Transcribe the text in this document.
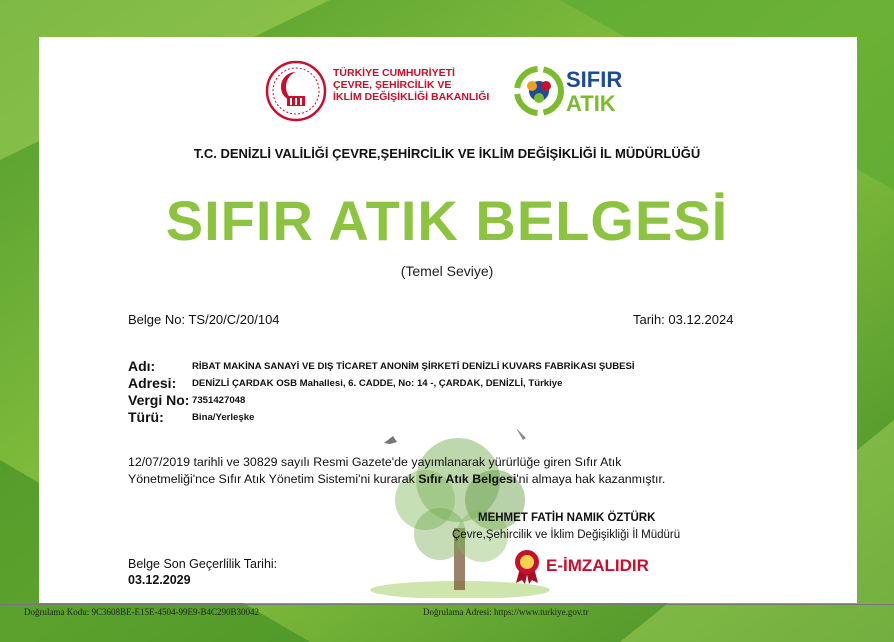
TÜRKİYE CUMHURİYETİ
ÇEVRE, ŞEHİRCİLİK VE
İKLİM DEĞİŞİKLİĞİ BAKANLIĞI
SIFIR
ATIK
T.C. DENİZLİ VALİLİĞİ ÇEVRE,ŞEHİRCİLİK VE İKLİM DEĞİŞİKLİĞİ İL MÜDÜRLÜĞÜ
SIFIR ATIK BELGESİ
(Temel Seviye)
Belge No: TS/20/C/20/104	Tarih: 03.12.2024
Adı:	RİBAT MAKİNA SANAYİ VE DIŞ TİCARET ANONİM ŞİRKETİ DENİZLİ KUVARS FABRİKASI ŞUBESİ
Adresi: DENİZLİ ÇARDAK OSB Mahallesi, 6. CADDE, No: 14 -, ÇARDAK, DENİZLİ, Türkiye
Vergi No: 7351427048
Türü:	Bina/Yerleşke
12/07/2019 tarihli ve 30829 sayılı Resmi Gazete'de yayımlanarak yürürlüğe giren Sıfır Atık
Yönetmeliği'nce Sıfır Atık Yönetim Sistemi'ni kurarak Sıfır Atık Belgesi'ni almaya hak kazanmıştır.
MEHMET FATİH NAMIK ÖZTÜRK
Çevre,Şehircilik ve İklim Değişikliği İl Müdürü
Belge Son Geçerlilik Tarihi:
03.12.2029
E-İMZALIDIR
Doğrulama Kodu: 9C3608BE-E15E-4504-99E9-B4C290B30042	Doğrulama Adresi: https://www.turkiye.gov.tr
